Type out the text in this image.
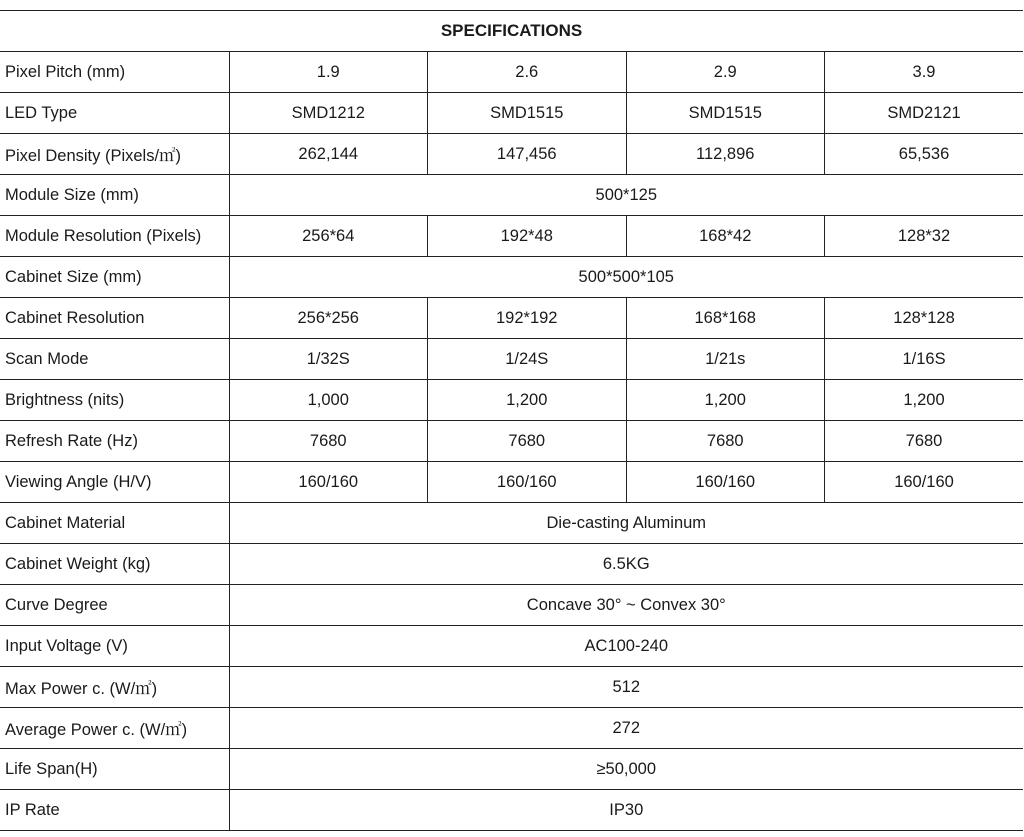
SPECIFICATIONS				
Pixel Pitch (mm)	1.9	2.6	2.9	3.9
LED Type	SMD1212	SMD1515	SMD1515	SMD2121
Pixel Density (Pixels/㎡)	262,144	147,456	112,896	65,536
Module Size (mm)	500*125			
Module Resolution (Pixels)	256*64	192*48	168*42	128*32
Cabinet Size (mm)	500*500*105			
Cabinet Resolution	256*256	192*192	168*168	128*128
Scan Mode	1/32S	1/24S	1/21s	1/16S
Brightness (nits)	1,000	1,200	1,200	1,200
Refresh Rate (Hz)	7680	7680	7680	7680
Viewing Angle (H/V)	160/160	160/160	160/160	160/160
Cabinet Material	Die-casting Aluminum			
Cabinet Weight (kg)	6.5KG			
Curve Degree	Concave 30° ~ Convex 30°			
Input Voltage (V)	AC100-240			
Max Power c. (W/㎡)	512			
Average Power c. (W/㎡)	272			
Life Span(H)	≥50,000			
IP Rate	IP30			
